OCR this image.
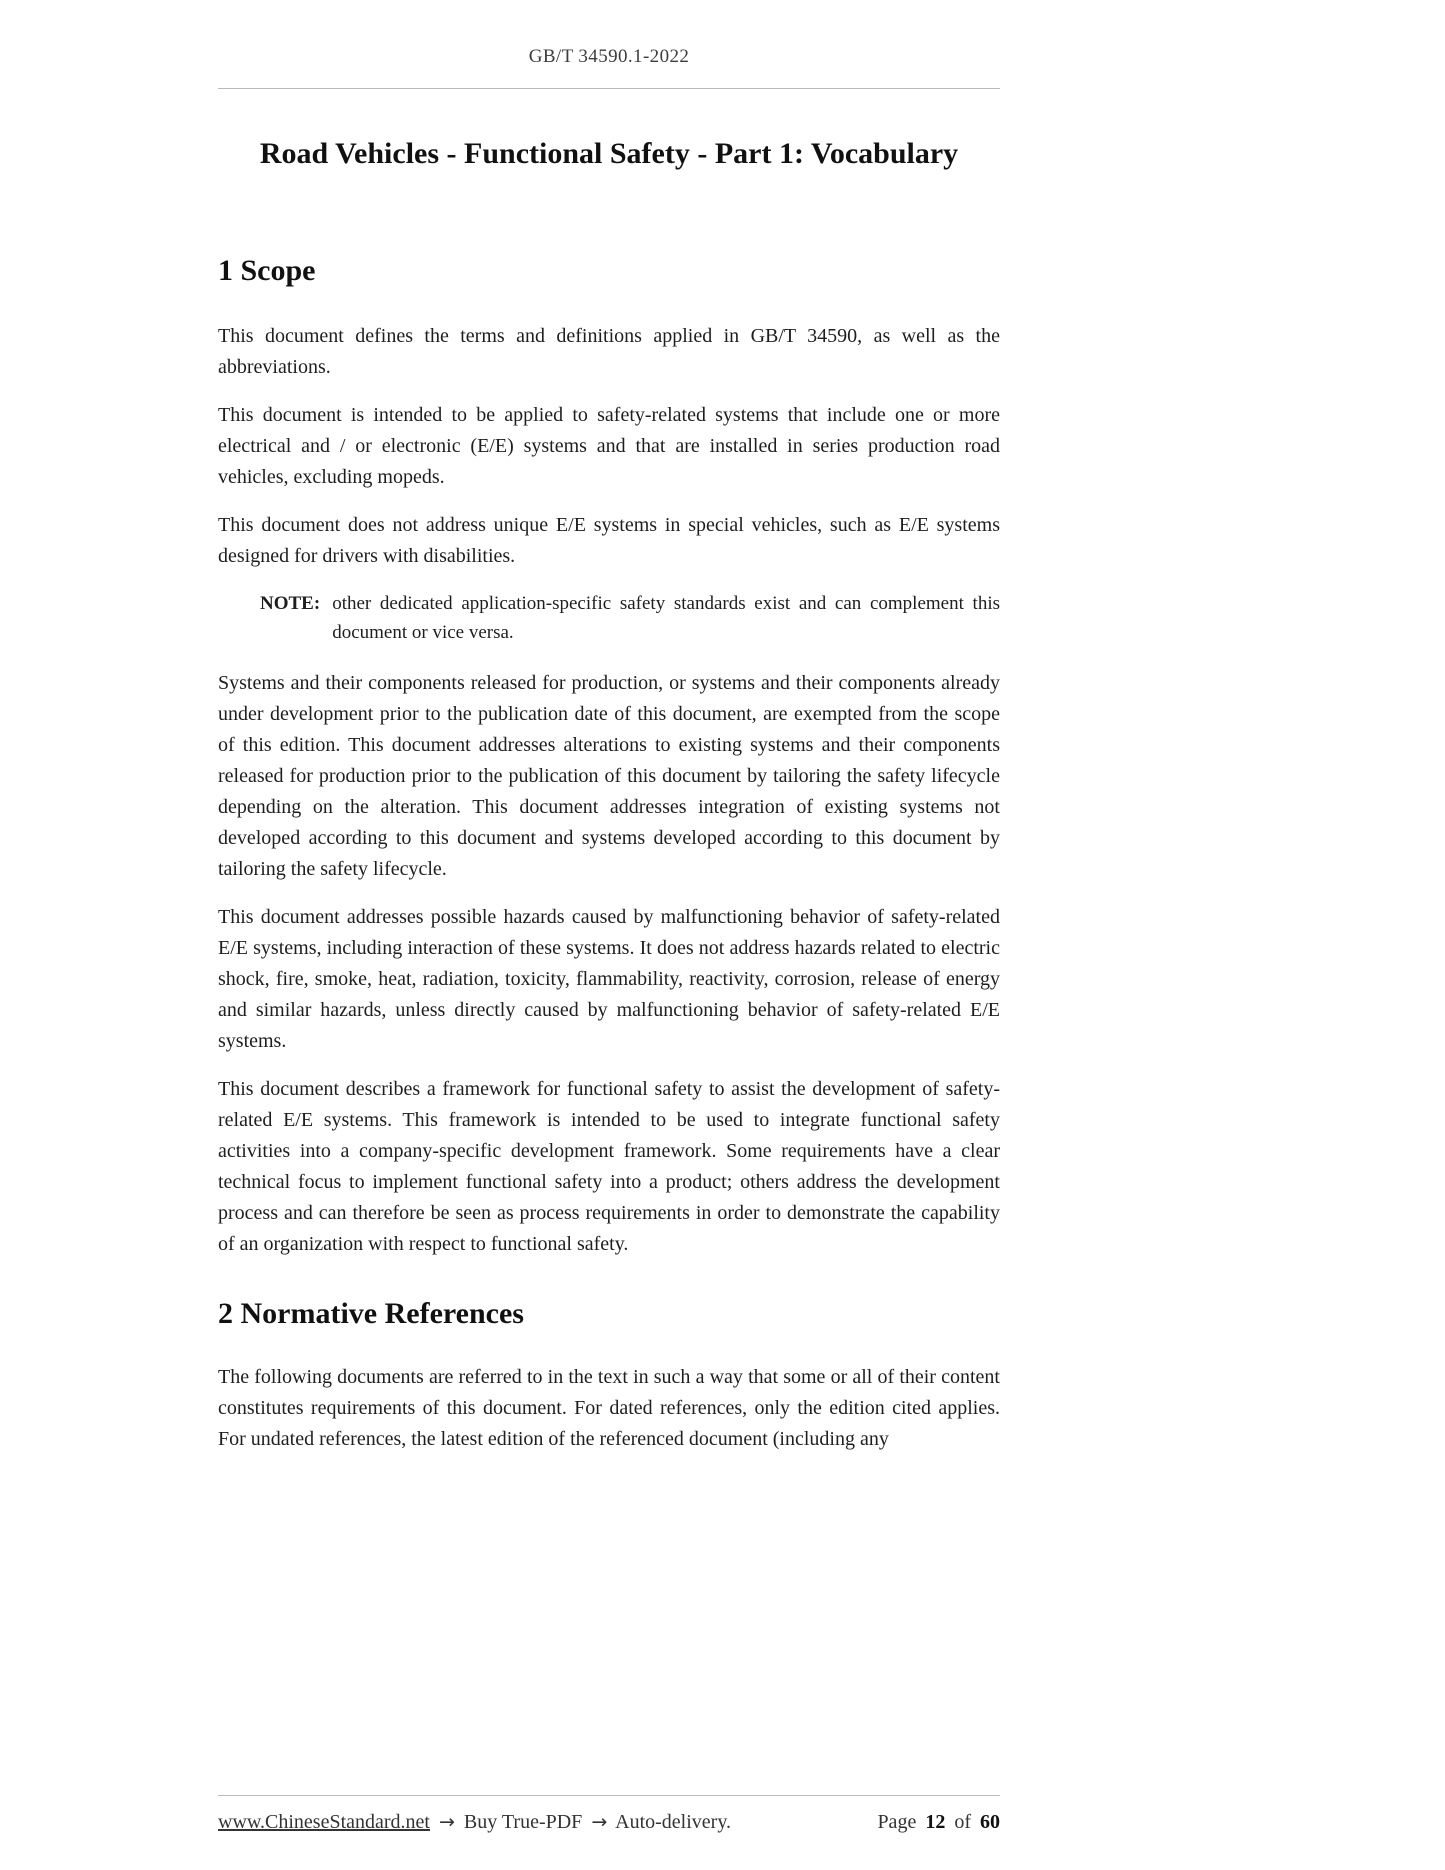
GB/T 34590.1-2022
Road Vehicles - Functional Safety - Part 1: Vocabulary
1 Scope

This document defines the terms and definitions applied in GB/T 34590, as well as the abbreviations.

This document is intended to be applied to safety-related systems that include one or more electrical and / or electronic (E/E) systems and that are installed in series production road vehicles, excluding mopeds.

This document does not address unique E/E systems in special vehicles, such as E/E systems designed for drivers with disabilities.

NOTE: other dedicated application-specific safety standards exist and can complement this document or vice versa.

Systems and their components released for production, or systems and their components already under development prior to the publication date of this document, are exempted from the scope of this edition. This document addresses alterations to existing systems and their components released for production prior to the publication of this document by tailoring the safety lifecycle depending on the alteration. This document addresses integration of existing systems not developed according to this document and systems developed according to this document by tailoring the safety lifecycle.

This document addresses possible hazards caused by malfunctioning behavior of safety-related E/E systems, including interaction of these systems. It does not address hazards related to electric shock, fire, smoke, heat, radiation, toxicity, flammability, reactivity, corrosion, release of energy and similar hazards, unless directly caused by malfunctioning behavior of safety-related E/E systems.

This document describes a framework for functional safety to assist the development of safety-related E/E systems. This framework is intended to be used to integrate functional safety activities into a company-specific development framework. Some requirements have a clear technical focus to implement functional safety into a product; others address the development process and can therefore be seen as process requirements in order to demonstrate the capability of an organization with respect to functional safety.

2 Normative References

The following documents are referred to in the text in such a way that some or all of their content constitutes requirements of this document. For dated references, only the edition cited applies. For undated references, the latest edition of the referenced document (including any

www.ChineseStandard.net → Buy True-PDF → Auto-delivery.	Page 12 of 60
